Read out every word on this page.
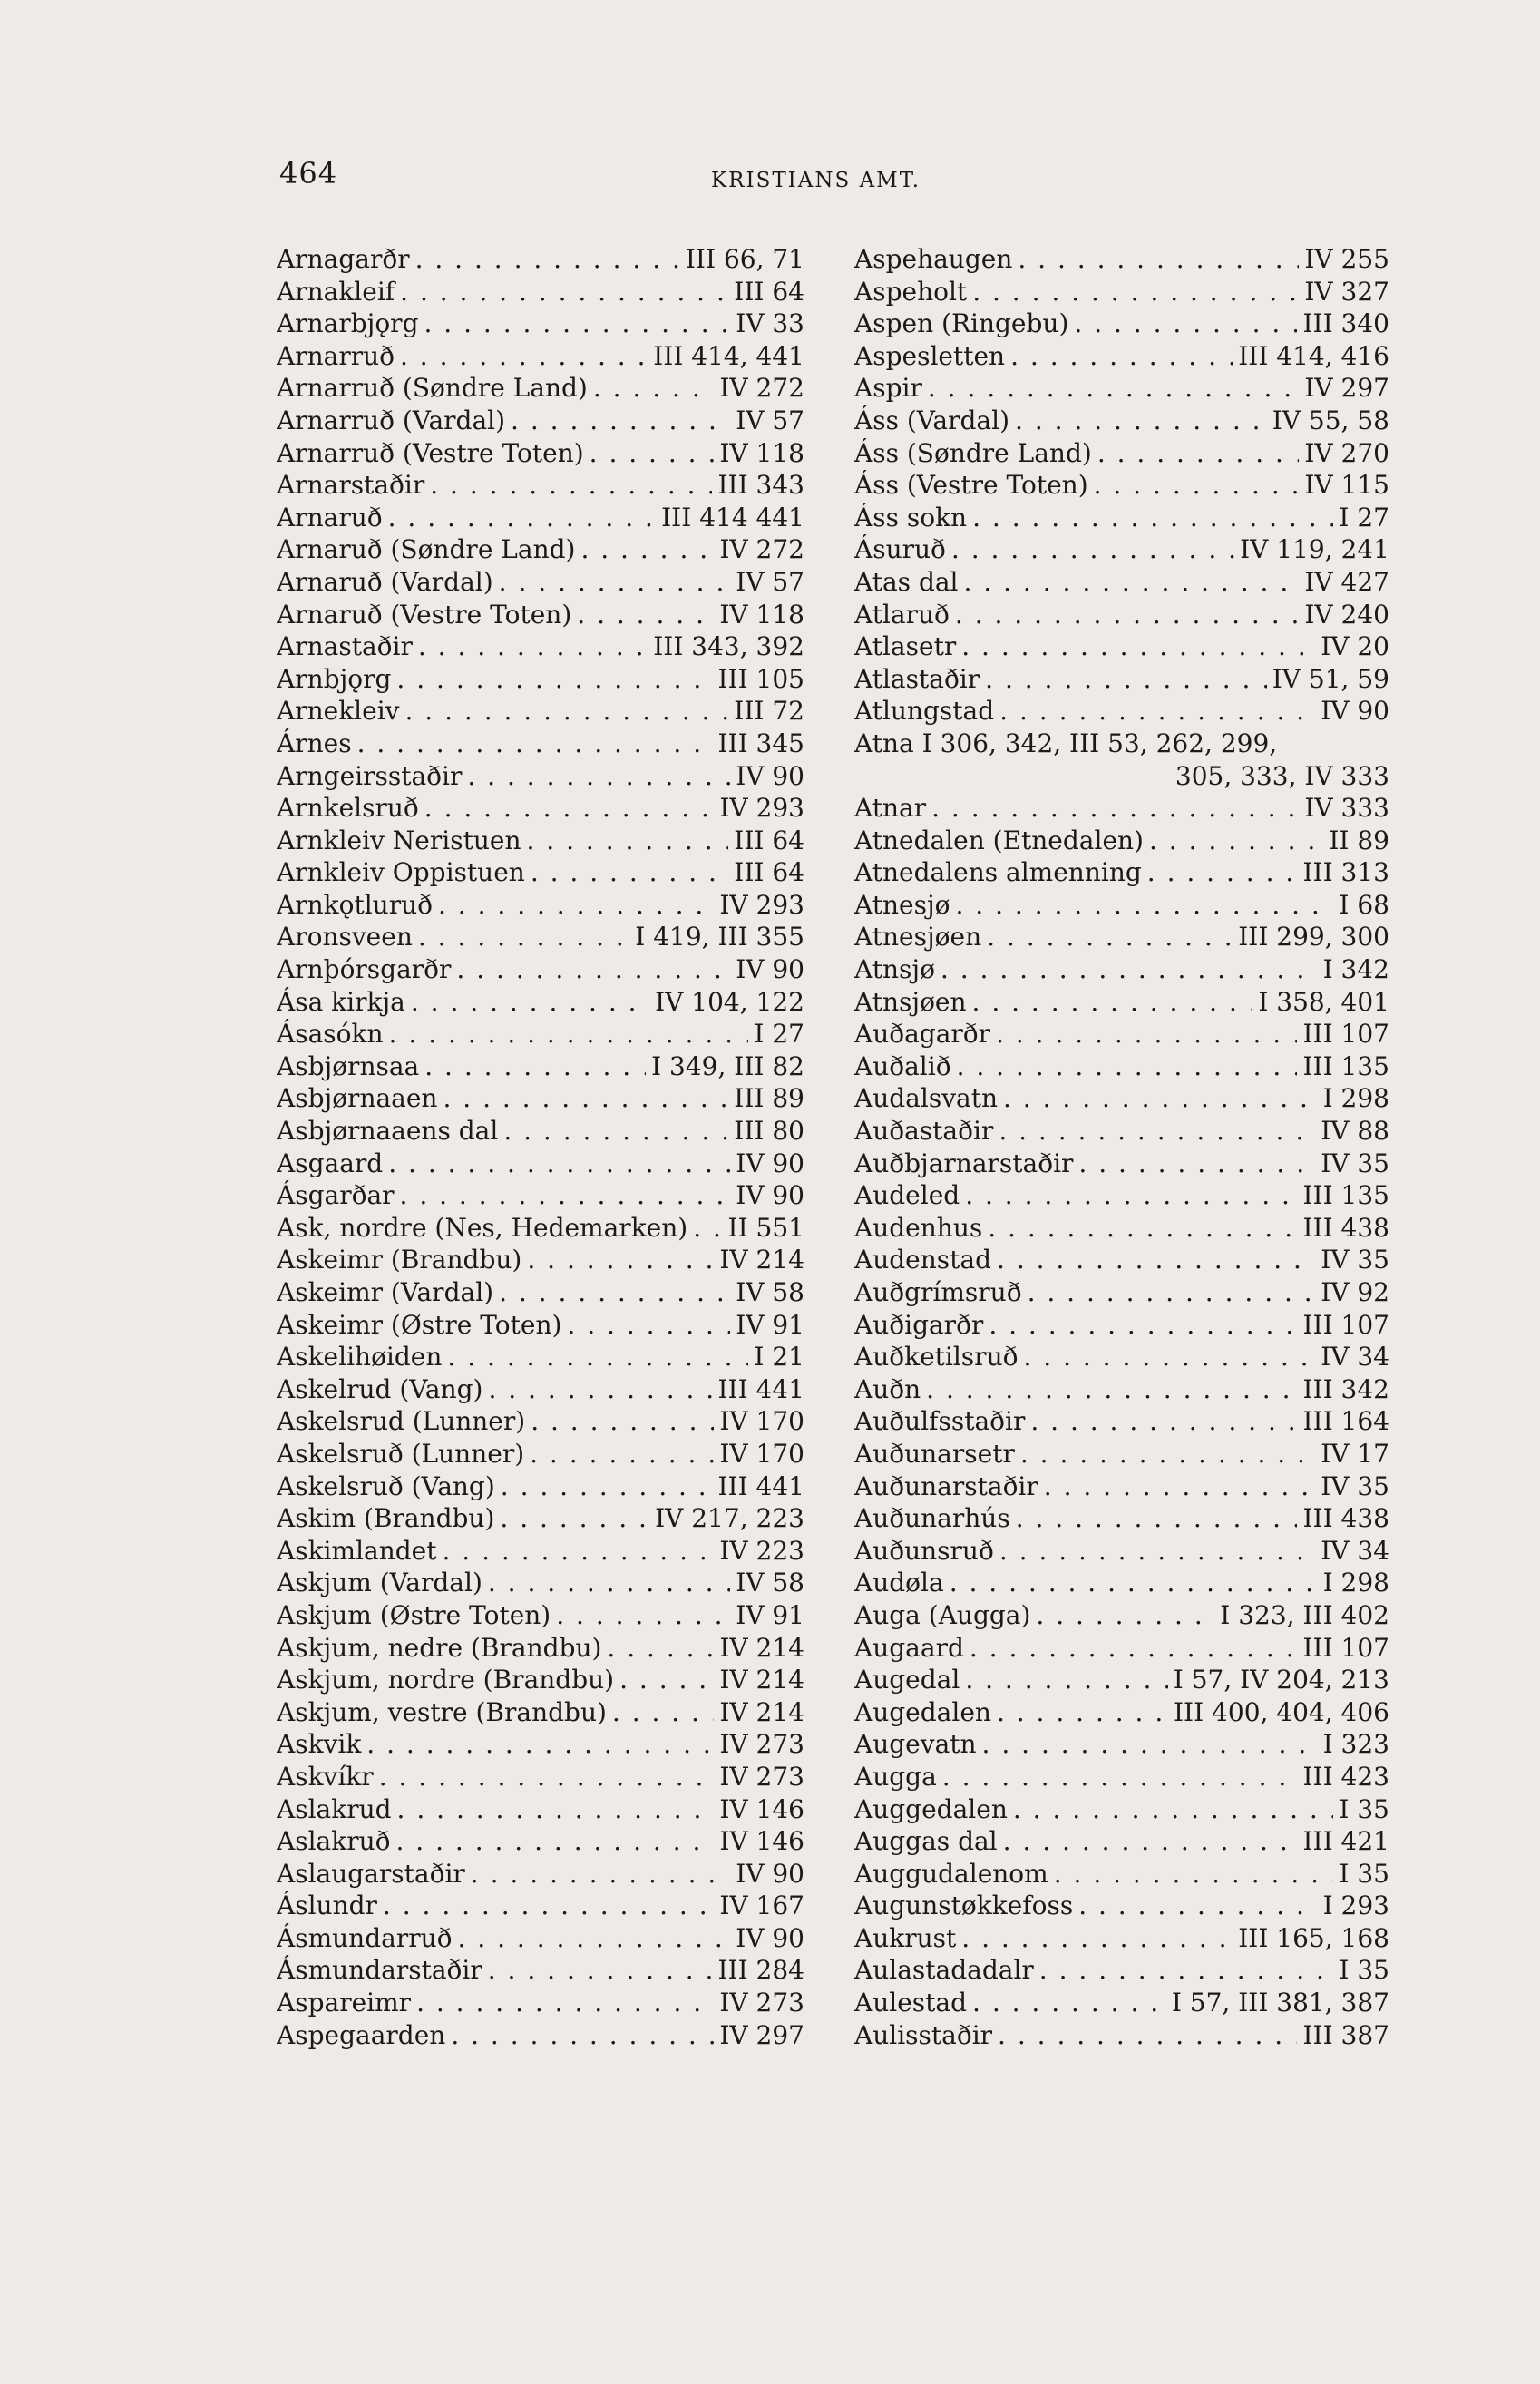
464	KRISTIANS AMT.
Arnagarðr . . .	III 66, 71
Arnakleif . . .	III 64
Arnarbjǫrg . . .	IV 33
Arnarruð . . .	III 414, 441
Arnarruð (Søndre Land) . . .	IV 272
Arnarruð (Vardal) . . .	IV 57
Arnarruð (Vestre Toten) . . .	IV 118
Arnarstaðir . . .	III 343
Arnaruð . . .	III 414 441
Arnaruð (Søndre Land) . . .	IV 272
Arnaruð (Vardal) . . .	IV 57
Arnaruð (Vestre Toten) . . .	IV 118
Arnastaðir . . .	III 343, 392
Arnbjǫrg . . .	III 105
Arnekleiv . . .	III 72
Árnes . . .	III 345
Arngeirsstaðir . . .	IV 90
Arnkelsruð . . .	IV 293
Arnkleiv Neristuen . . .	III 64
Arnkleiv Oppistuen . . .	III 64
Arnkǫtluruð . . .	IV 293
Aronsveen . . .	I 419, III 355
Arnþórsgarðr . . .	IV 90
Ása kirkja . . .	IV 104, 122
Ásasókn . . .	I 27
Asbjørnsaa . . .	I 349, III 82
Asbjørnaaen . . .	III 89
Asbjørnaaens dal . . .	III 80
Asgaard . . .	IV 90
Ásgarðar . . .	IV 90
Ask, nordre (Nes, Hedemarken) . . . II 551
Askeimr (Brandbu) . . .	IV 214
Askeimr (Vardal) . . .	IV 58
Askeimr (Østre Toten) . . .	IV 91
Askelihøiden . . .	I 21
Askelrud (Vang) . . .	III 441
Askelsrud (Lunner) . . .	IV 170
Askelsruð (Lunner) . . .	IV 170
Askelsruð (Vang) . . .	III 441
Askim (Brandbu) . . .	IV 217, 223
Askimlandet . . .	IV 223
Askjum (Vardal) . . .	IV 58
Askjum (Østre Toten) . . .	IV 91
Askjum, nedre (Brandbu) . . .	IV 214
Askjum, nordre (Brandbu) . . .	IV 214
Askjum, vestre (Brandbu) . . .	IV 214
Askvik . . .	IV 273
Askvíkr . . .	IV 273
Aslakrud . . .	IV 146
Aslakruð . . .	IV 146
Aslaugarstaðir . . .	IV 90
Áslundr . . .	IV 167
Ásmundarruð . . .	IV 90
Ásmundarstaðir . . .	III 284
Aspareimr . . .	IV 273
Aspegaarden . . .	IV 297
Aspehaugen . . .	IV 255
Aspeholt . . .	IV 327
Aspen (Ringebu) . . .	III 340
Aspesletten . . .	III 414, 416
Aspir . . .	IV 297
Áss (Vardal) . . .	IV 55, 58
Áss (Søndre Land) . . .	IV 270
Áss (Vestre Toten) . . .	IV 115
Áss sokn . . .	I 27
Ásuruð . . .	IV 119, 241
Atas dal . . .	IV 427
Atlaruð . . .	IV 240
Atlasetr . . .	IV 20
Atlastaðir . . .	IV 51, 59
Atlungstad . . .	IV 90
Atna I 306, 342, III 53, 262, 299,
305, 333, IV 333
Atnar . . .	IV 333
Atnedalen (Etnedalen) . . .	II 89
Atnedalens almenning . . .	III 313
Atnesjø . . .	I 68
Atnesjøen . . .	III 299, 300
Atnsjø . . .	I 342
Atnsjøen . . .	I 358, 401
Auðagarðr . . .	III 107
Auðalið . . .	III 135
Audalsvatn . . .	I 298
Auðastaðir . . .	IV 88
Auðbjarnarstaðir . . .	IV 35
Audeled . . .	III 135
Audenhus . . .	III 438
Audenstad . . .	IV 35
Auðgrímsruð . . .	IV 92
Auðigarðr . . .	III 107
Auðketilsruð . . .	IV 34
Auðn . . .	III 342
Auðulfsstaðir . . .	III 164
Auðunarsetr . . .	IV 17
Auðunarstaðir . . .	IV 35
Auðunarhús . . .	III 438
Auðunsruð . . .	IV 34
Audøla . . .	I 298
Auga (Augga) . . .	I 323, III 402
Augaard . . .	III 107
Augedal . . .	I 57, IV 204, 213
Augedalen . . .	III 400, 404, 406
Augevatn . . .	I 323
Augga . . .	III 423
Auggedalen . . .	I 35
Auggas dal . . .	III 421
Auggudalenom . . .	I 35
Augunstøkkefoss . . .	I 293
Aukrust . . .	III 165, 168
Aulastadadalr . . .	I 35
Aulestad . . .	I 57, III 381, 387
Aulisstaðir . . .	III 387
